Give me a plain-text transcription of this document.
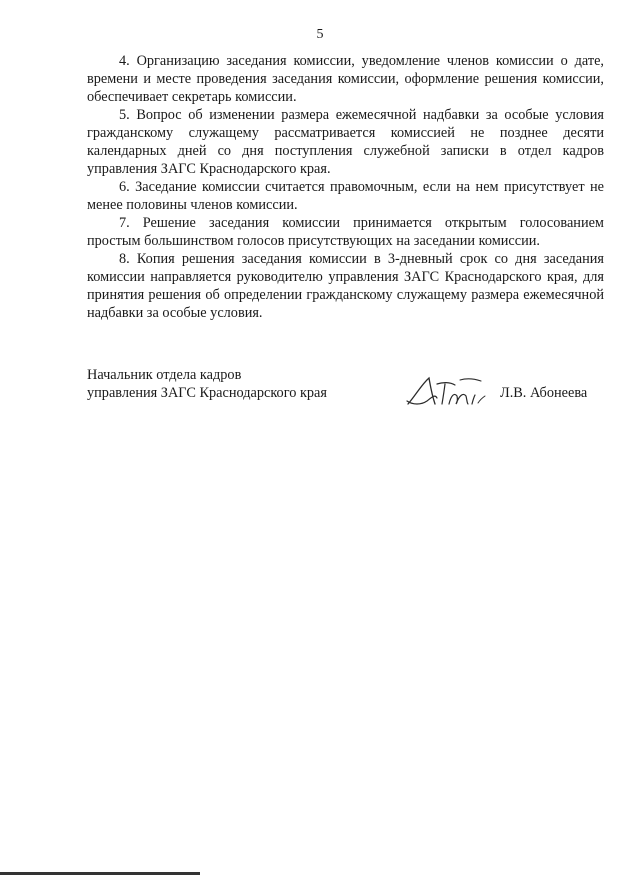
5

4. Организацию заседания комиссии, уведомление членов комиссии о дате, времени и месте проведения заседания комиссии, оформление решения комиссии, обеспечивает секретарь комиссии.

5. Вопрос об изменении размера ежемесячной надбавки за особые условия гражданскому служащему рассматривается комиссией не позднее десяти календарных дней со дня поступления служебной записки в отдел кадров управления ЗАГС Краснодарского края.

6. Заседание комиссии считается правомочным, если на нем присутствует не менее половины членов комиссии.

7. Решение заседания комиссии принимается открытым голосованием простым большинством голосов присутствующих на заседании комиссии.

8. Копия решения заседания комиссии в 3-дневный срок со дня заседания комиссии направляется руководителю управления ЗАГС Краснодарского края, для принятия решения об определении гражданскому служащему размера ежемесячной надбавки за особые условия.

Начальник отдела кадров
управления ЗАГС Краснодарского края	Л.В. Абонеева
